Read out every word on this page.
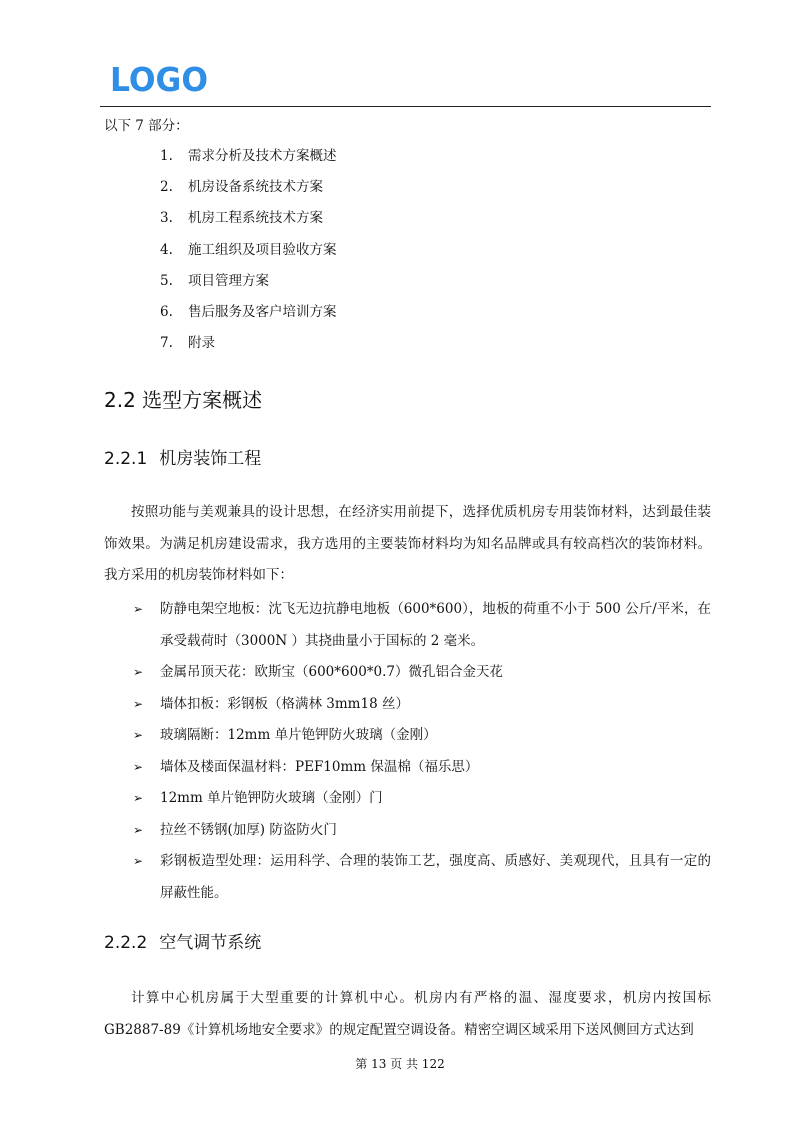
LOGO
以下 7 部分：
1.	需求分析及技术方案概述
2.	机房设备系统技术方案
3.	机房工程系统技术方案
4.	施工组织及项目验收方案
5.	项目管理方案
6.	售后服务及客户培训方案
7.	附录
2.2 选型方案概述
2.2.1 机房装饰工程

按照功能与美观兼具的设计思想，在经济实用前提下，选择优质机房专用装饰材料，达到最佳装饰效果。为满足机房建设需求，我方选用的主要装饰材料均为知名品牌或具有较高档次的装饰材料。我方采用的机房装饰材料如下：

➢ 防静电架空地板：沈飞无边抗静电地板（600*600），地板的荷重不小于 500 公斤/平米，在承受载荷时（3000N ）其挠曲量小于国标的 2 毫米。
➢ 金属吊顶天花：欧斯宝（600*600*0.7）微孔铝合金天花
➢ 墙体扣板：彩钢板（格满林 3mm18 丝）
➢ 玻璃隔断：12mm 单片铯钾防火玻璃（金刚）
➢ 墙体及楼面保温材料：PEF10mm 保温棉（福乐思）
➢ 12mm 单片铯钾防火玻璃（金刚）门
➢ 拉丝不锈钢(加厚) 防盗防火门
➢ 彩钢板造型处理：运用科学、合理的装饰工艺，强度高、质感好、美观现代，且具有一定的屏蔽性能。
2.2.2 空气调节系统

计算中心机房属于大型重要的计算机中心。机房内有严格的温、湿度要求，机房内按国标GB2887-89《计算机场地安全要求》的规定配置空调设备。精密空调区域采用下送风侧回方式达到

第 13 页 共 122
